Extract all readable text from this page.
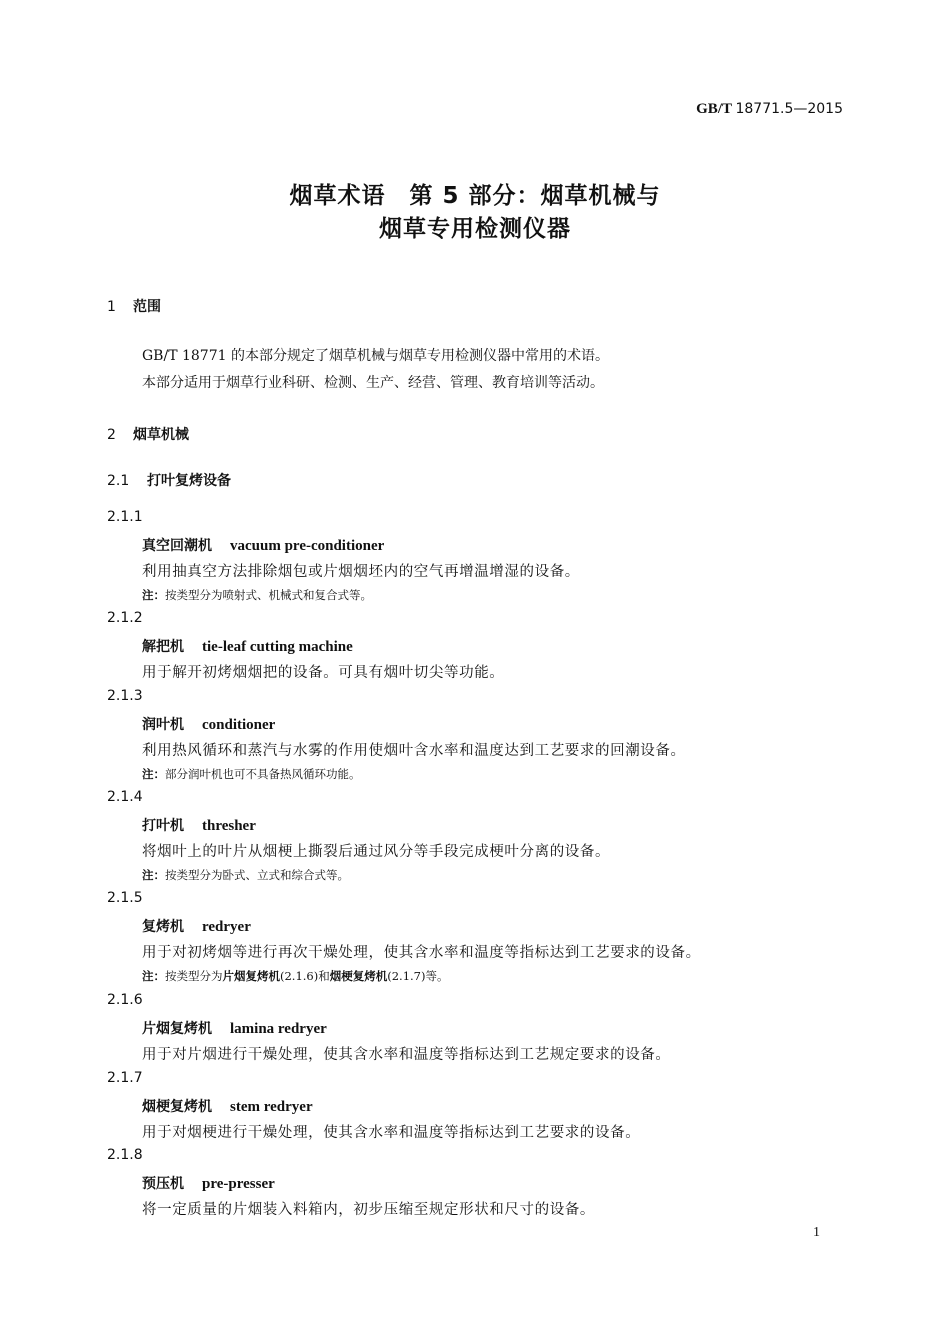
GB/T 18771.5—2015
烟草术语　第 5 部分：烟草机械与
烟草专用检测仪器
1 范围
GB/T 18771 的本部分规定了烟草机械与烟草专用检测仪器中常用的术语。
本部分适用于烟草行业科研、检测、生产、经营、管理、教育培训等活动。
2 烟草机械
2.1 打叶复烤设备
2.1.1
真空回潮机 vacuum pre-conditioner
利用抽真空方法排除烟包或片烟烟坯内的空气再增温增湿的设备。
注：按类型分为喷射式、机械式和复合式等。
2.1.2
解把机 tie-leaf cutting machine
用于解开初烤烟烟把的设备。可具有烟叶切尖等功能。
2.1.3
润叶机 conditioner
利用热风循环和蒸汽与水雾的作用使烟叶含水率和温度达到工艺要求的回潮设备。
注：部分润叶机也可不具备热风循环功能。
2.1.4
打叶机 thresher
将烟叶上的叶片从烟梗上撕裂后通过风分等手段完成梗叶分离的设备。
注：按类型分为卧式、立式和综合式等。
2.1.5
复烤机 redryer
用于对初烤烟等进行再次干燥处理，使其含水率和温度等指标达到工艺要求的设备。
注：按类型分为片烟复烤机(2.1.6)和烟梗复烤机(2.1.7)等。
2.1.6
片烟复烤机 lamina redryer
用于对片烟进行干燥处理，使其含水率和温度等指标达到工艺规定要求的设备。
2.1.7
烟梗复烤机 stem redryer
用于对烟梗进行干燥处理，使其含水率和温度等指标达到工艺要求的设备。
2.1.8
预压机 pre-presser
将一定质量的片烟装入料箱内，初步压缩至规定形状和尺寸的设备。
1
